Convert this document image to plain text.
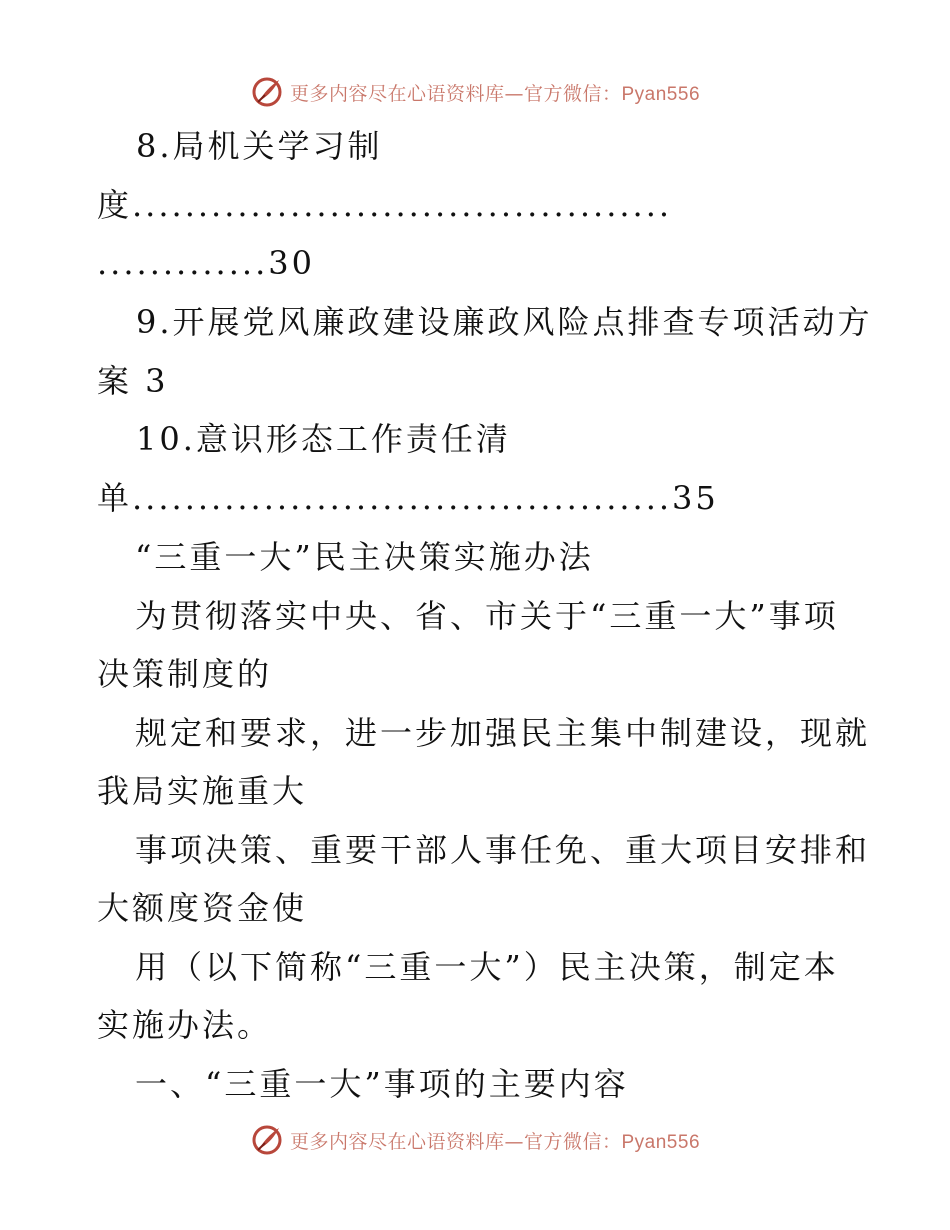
更多内容尽在心语资料库—官方微信：Pyan556
8.局机关学习制
度.........................................
.............30
9.开展党风廉政建设廉政风险点排查专项活动方
案 3
10.意识形态工作责任清
单.........................................35
“三重一大”民主决策实施办法
为贯彻落实中央、省、市关于“三重一大”事项
决策制度的
规定和要求，进一步加强民主集中制建设，现就
我局实施重大
事项决策、重要干部人事任免、重大项目安排和
大额度资金使
用（以下简称“三重一大”）民主决策，制定本
实施办法。
一、“三重一大”事项的主要内容
更多内容尽在心语资料库—官方微信：Pyan556
